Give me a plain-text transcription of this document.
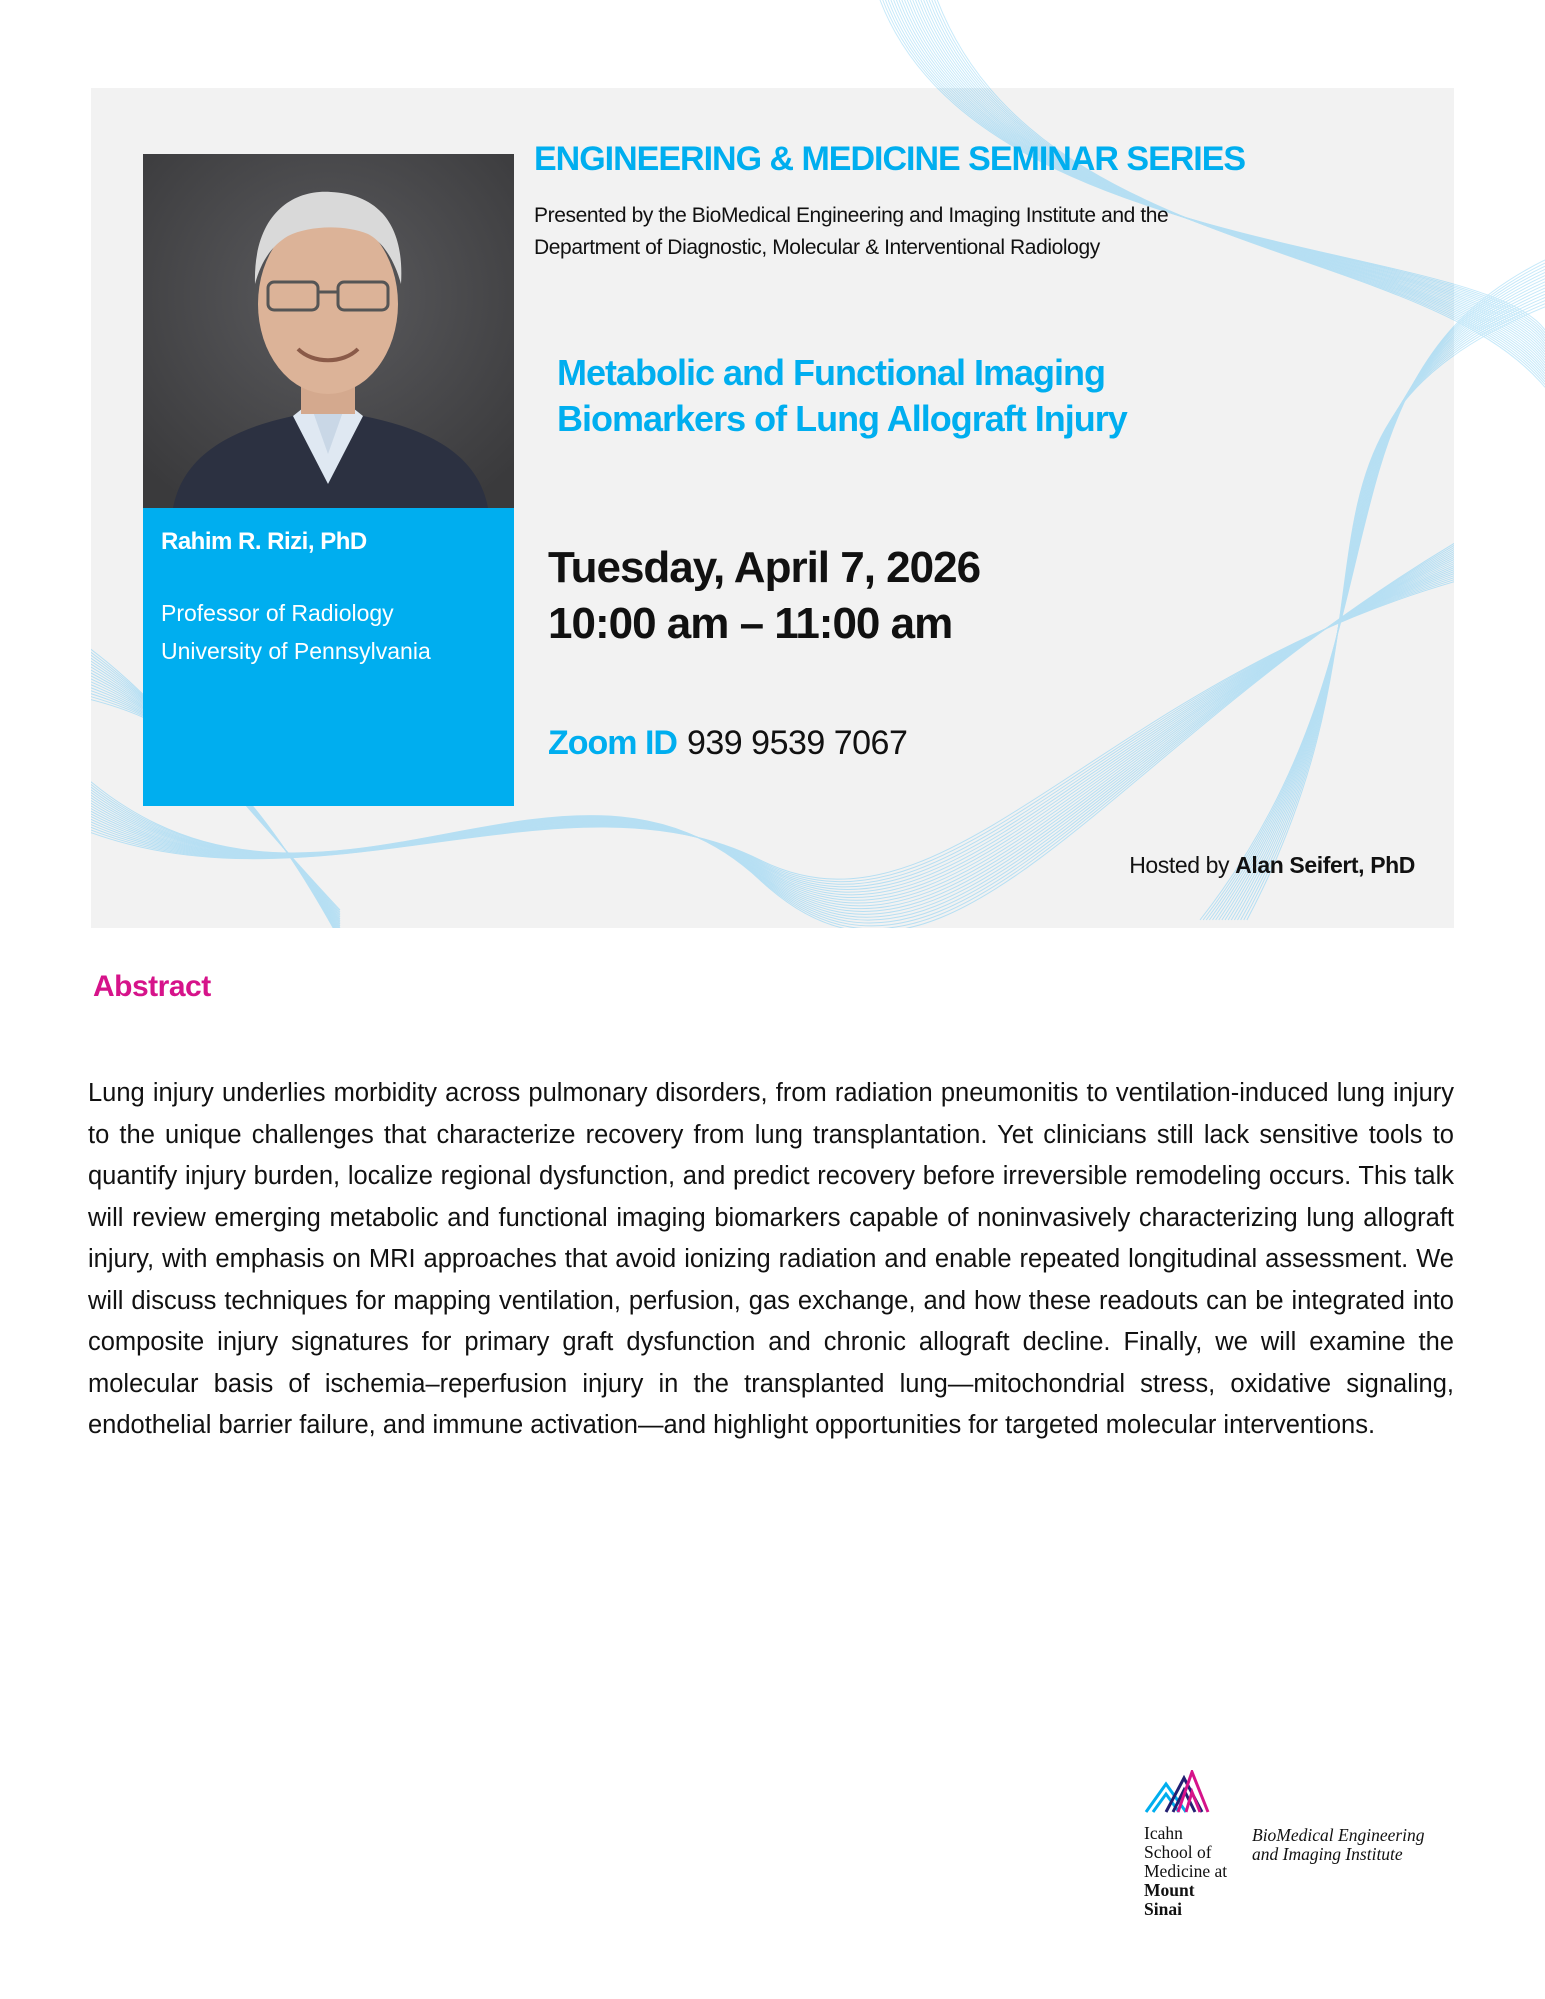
Rahim R. Rizi, PhD
Professor of Radiology
University of Pennsylvania
ENGINEERING & MEDICINE SEMINAR SERIES
Presented by the BioMedical Engineering and Imaging Institute and the
Department of Diagnostic, Molecular & Interventional Radiology
Metabolic and Functional Imaging
Biomarkers of Lung Allograft Injury
Tuesday, April 7, 2026
10:00 am – 11:00 am
Zoom ID 939 9539 7067
Hosted by Alan Seifert, PhD
Abstract
Lung injury underlies morbidity across pulmonary disorders, from radiation pneumonitis to ventilation-induced lung injury to the unique challenges that characterize recovery from lung transplantation. Yet clinicians still lack sensitive tools to quantify injury burden, localize regional dysfunction, and predict recovery before irreversible remodeling occurs. This talk will review emerging metabolic and functional imaging biomarkers capable of noninvasively characterizing lung allograft injury, with emphasis on MRI approaches that avoid ionizing radiation and enable repeated longitudinal assessment. We will discuss techniques for mapping ventilation, perfusion, gas exchange, and how these readouts can be integrated into composite injury signatures for primary graft dysfunction and chronic allograft decline. Finally, we will examine the molecular basis of ischemia–reperfusion injury in the transplanted lung—mitochondrial stress, oxidative signaling, endothelial barrier failure, and immune activation—and highlight opportunities for targeted molecular interventions.
Icahn
School of
Medicine at
Mount
Sinai
BioMedical Engineering
and Imaging Institute
